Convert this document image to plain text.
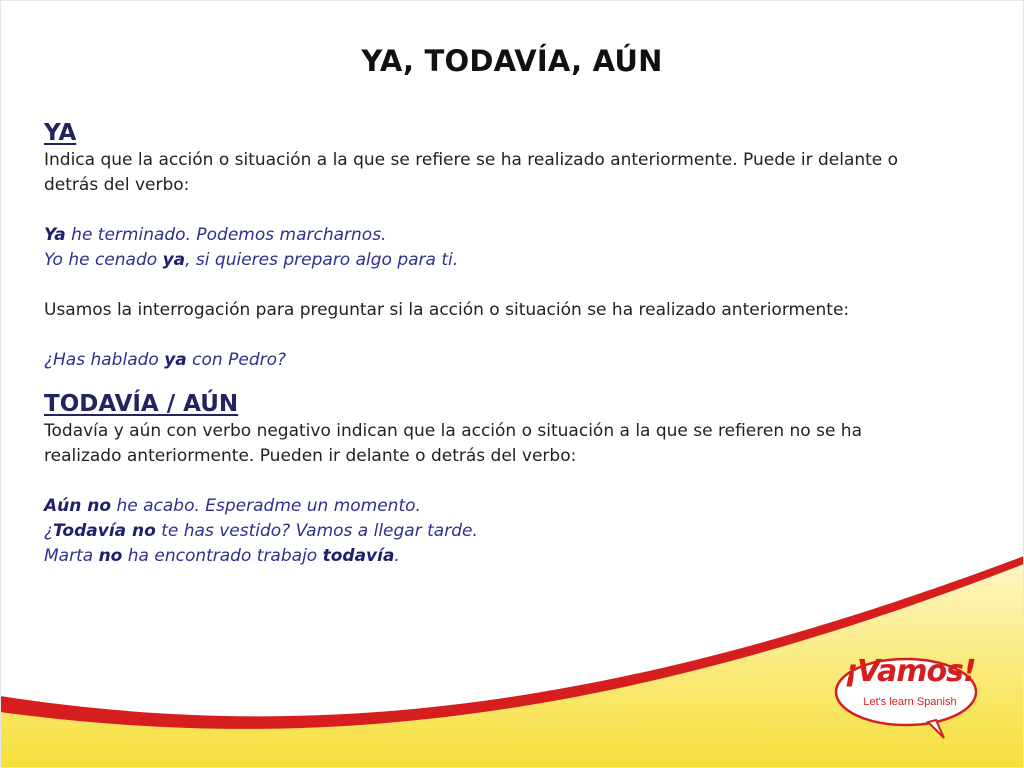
YA, TODAVÍA, AÚN
YA

Indica que la acción o situación a la que se refiere se ha realizado anteriormente. Puede ir delante o detrás del verbo:

Ya he terminado. Podemos marcharnos.

Yo he cenado ya, si quieres preparo algo para ti.

Usamos la interrogación para preguntar si la acción o situación se ha realizado anteriormente:

¿Has hablado ya con Pedro?

TODAVÍA / AÚN

Todavía y aún con verbo negativo indican que la acción o situación a la que se refieren no se ha realizado anteriormente. Pueden ir delante o detrás del verbo:

Aún no he acabo. Esperadme un momento.

¿Todavía no te has vestido? Vamos a llegar tarde.

Marta no ha encontrado trabajo todavía.

¡Vamos!
Let's learn Spanish
